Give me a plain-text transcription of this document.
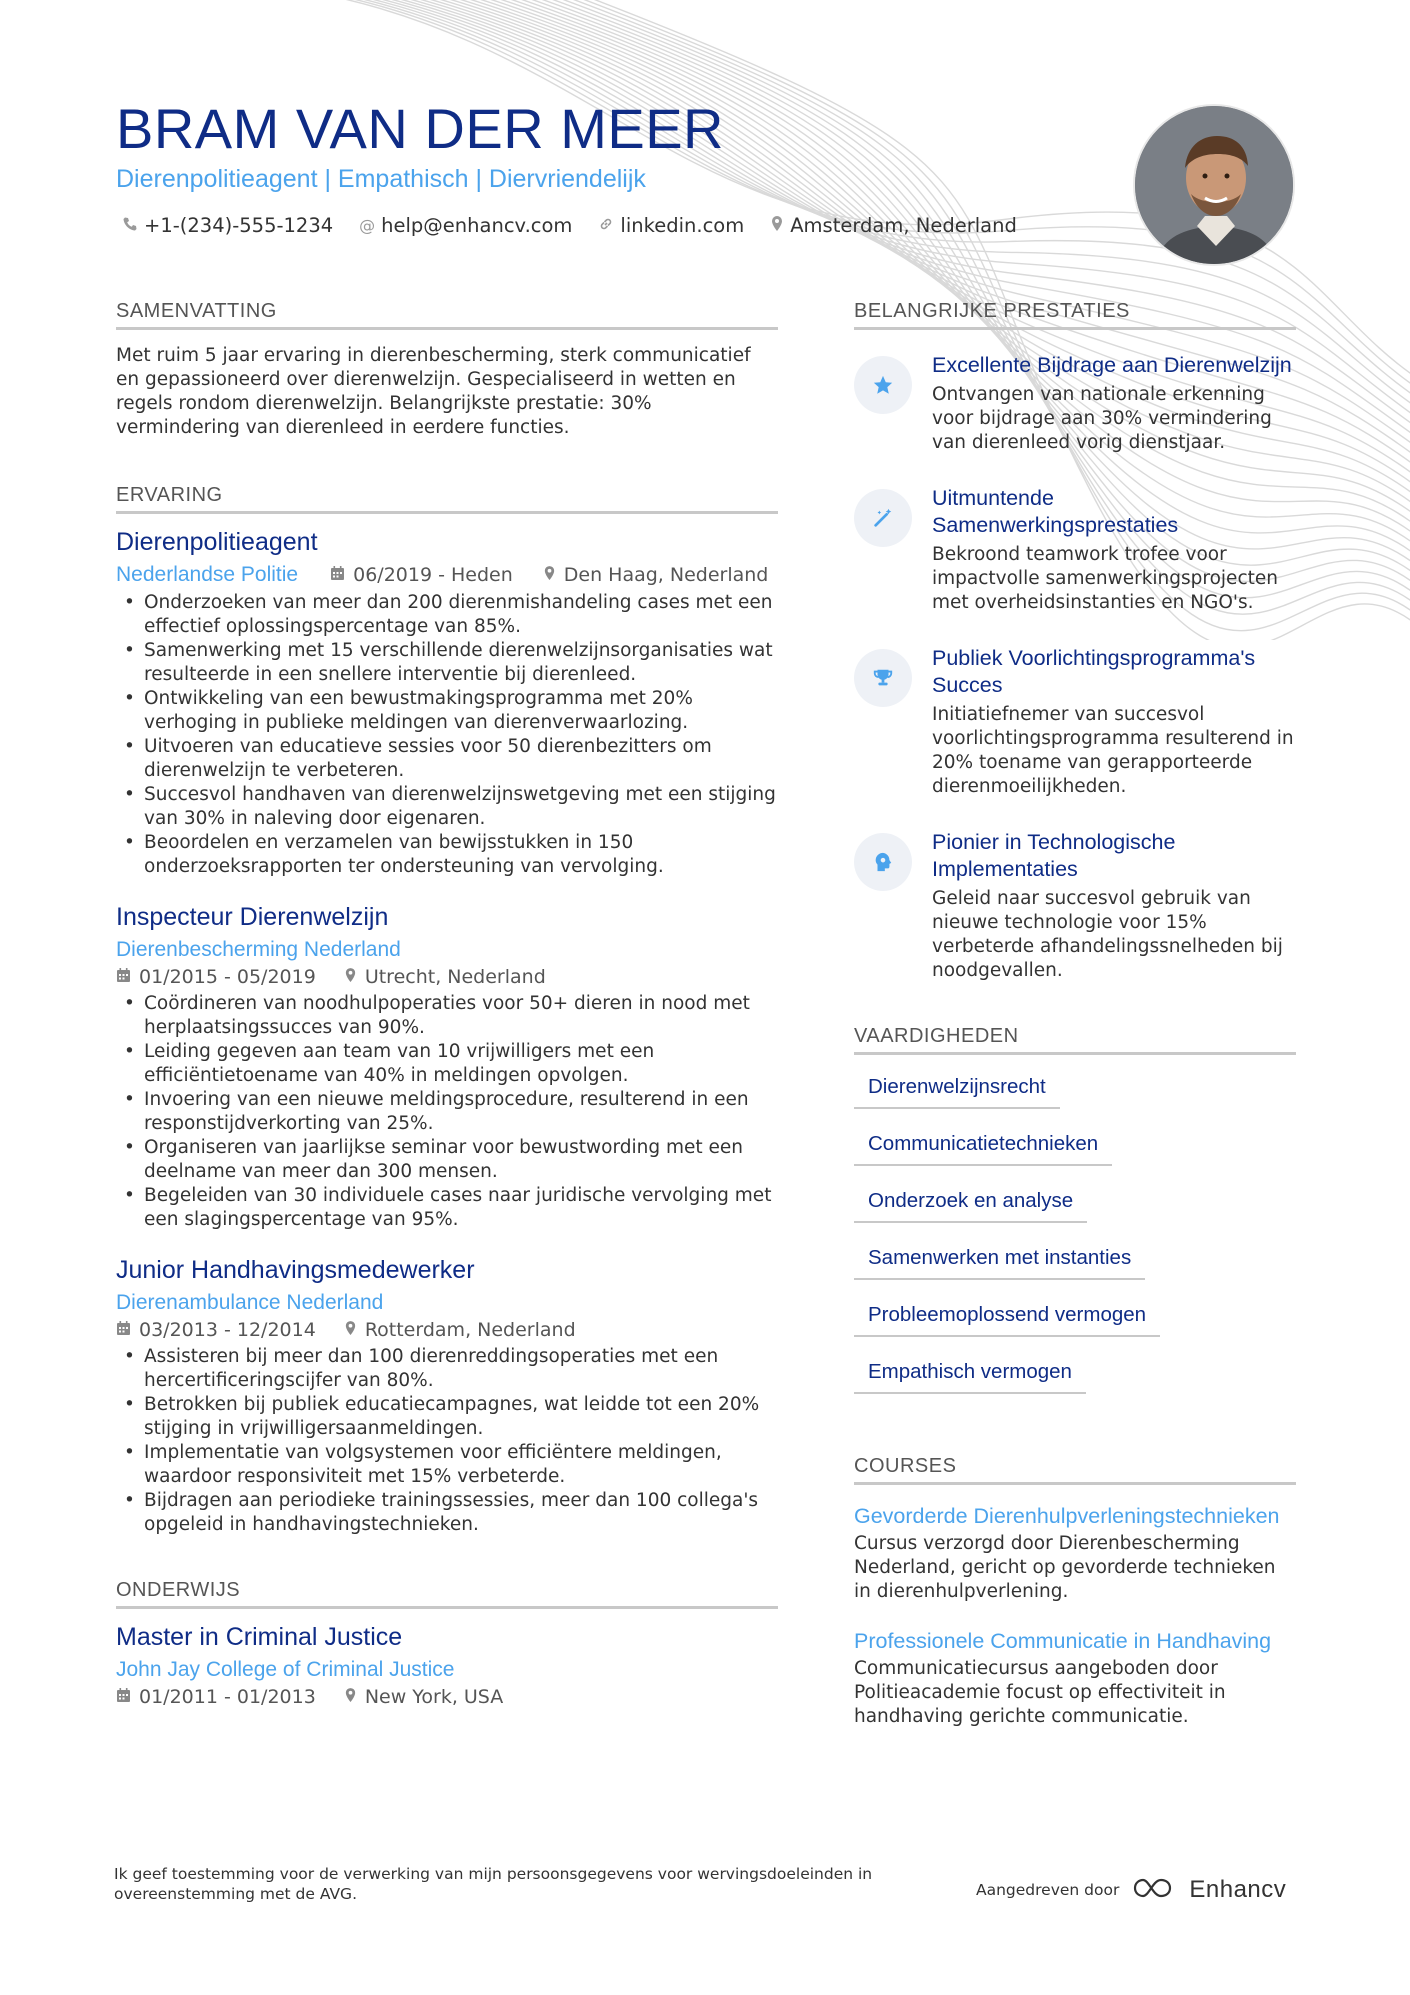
BRAM VAN DER MEER
Dierenpolitieagent | Empathisch | Diervriendelijk
+1-(234)-555-1234 @ help@enhancv.com linkedin.com Amsterdam, Nederland
SAMENVATTING
Met ruim 5 jaar ervaring in dierenbescherming, sterk communicatief en gepassioneerd over dierenwelzijn. Gespecialiseerd in wetten en regels rondom dierenwelzijn. Belangrijkste prestatie: 30% vermindering van dierenleed in eerdere functies.
ERVARING
Dierenpolitieagent
Nederlandse Politie	06/2019 - Heden	Den Haag, Nederland
• Onderzoeken van meer dan 200 dierenmishandeling cases met een effectief oplossingspercentage van 85%.
• Samenwerking met 15 verschillende dierenwelzijnsorganisaties wat resulteerde in een snellere interventie bij dierenleed.
• Ontwikkeling van een bewustmakingsprogramma met 20% verhoging in publieke meldingen van dierenverwaarlozing.
• Uitvoeren van educatieve sessies voor 50 dierenbezitters om dierenwelzijn te verbeteren.
• Succesvol handhaven van dierenwelzijnswetgeving met een stijging van 30% in naleving door eigenaren.
• Beoordelen en verzamelen van bewijsstukken in 150 onderzoeksrapporten ter ondersteuning van vervolging.
Inspecteur Dierenwelzijn
Dierenbescherming Nederland
01/2015 - 05/2019	Utrecht, Nederland
• Coördineren van noodhulpoperaties voor 50+ dieren in nood met herplaatsingssucces van 90%.
• Leiding gegeven aan team van 10 vrijwilligers met een efficiëntietoename van 40% in meldingen opvolgen.
• Invoering van een nieuwe meldingsprocedure, resulterend in een responstijdverkorting van 25%.
• Organiseren van jaarlijkse seminar voor bewustwording met een deelname van meer dan 300 mensen.
• Begeleiden van 30 individuele cases naar juridische vervolging met een slagingspercentage van 95%.
Junior Handhavingsmedewerker
Dierenambulance Nederland
03/2013 - 12/2014	Rotterdam, Nederland
• Assisteren bij meer dan 100 dierenreddingsoperaties met een hercertificeringscijfer van 80%.
• Betrokken bij publiek educatiecampagnes, wat leidde tot een 20% stijging in vrijwilligersaanmeldingen.
• Implementatie van volgsystemen voor efficiëntere meldingen, waardoor responsiviteit met 15% verbeterde.
• Bijdragen aan periodieke trainingssessies, meer dan 100 collega's opgeleid in handhavingstechnieken.
ONDERWIJS
Master in Criminal Justice
John Jay College of Criminal Justice
01/2011 - 01/2013	New York, USA
BELANGRIJKE PRESTATIES
Excellente Bijdrage aan Dierenwelzijn
Ontvangen van nationale erkenning voor bijdrage aan 30% vermindering van dierenleed vorig dienstjaar.
Uitmuntende Samenwerkingsprestaties
Bekroond teamwork trofee voor impactvolle samenwerkingsprojecten met overheidsinstanties en NGO's.
Publiek Voorlichtingsprogramma's Succes
Initiatiefnemer van succesvol voorlichtingsprogramma resulterend in 20% toename van gerapporteerde dierenmoeilijkheden.
Pionier in Technologische Implementaties
Geleid naar succesvol gebruik van nieuwe technologie voor 15% verbeterde afhandelingssnelheden bij noodgevallen.
VAARDIGHEDEN
Dierenwelzijnsrecht
Communicatietechnieken
Onderzoek en analyse
Samenwerken met instanties
Probleemoplossend vermogen
Empathisch vermogen
COURSES
Gevorderde Dierenhulpverleningstechnieken
Cursus verzorgd door Dierenbescherming Nederland, gericht op gevorderde technieken in dierenhulpverlening.
Professionele Communicatie in Handhaving
Communicatiecursus aangeboden door Politieacademie focust op effectiviteit in handhaving gerichte communicatie.
Ik geef toestemming voor de verwerking van mijn persoonsgegevens voor wervingsdoeleinden in overeenstemming met de AVG.	Aangedreven door	Enhancv
